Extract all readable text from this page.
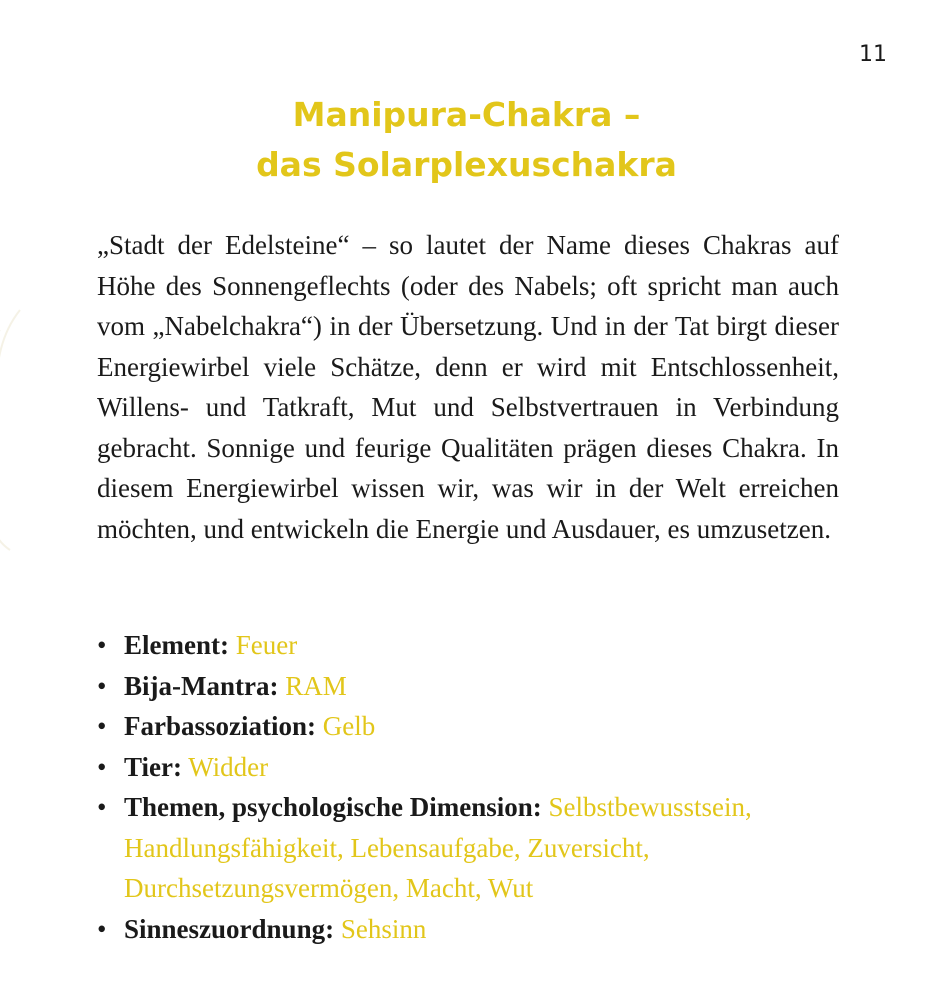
11
Manipura-Chakra –
das Solarplexuschakra

„Stadt der Edelsteine“ – so lautet der Name dieses Chakras auf Höhe des Sonnengeflechts (oder des Nabels; oft spricht man auch vom „Nabelchakra“) in der Übersetzung. Und in der Tat birgt dieser Energiewirbel viele Schätze, denn er wird mit Entschlossenheit, Willens- und Tatkraft, Mut und Selbstvertrauen in Verbindung gebracht. Sonnige und feurige Qualitäten prägen dieses Chakra. In diesem Energiewirbel wissen wir, was wir in der Welt erreichen möchten, und entwickeln die Energie und Ausdauer, es umzusetzen.

• Element: Feuer
• Bija-Mantra: RAM
• Farbassoziation: Gelb
• Tier: Widder
• Themen, psychologische Dimension: Selbstbewusstsein, Handlungsfähigkeit, Lebensaufgabe, Zuversicht, Durchsetzungsvermögen, Macht, Wut
• Sinneszuordnung: Sehsinn
